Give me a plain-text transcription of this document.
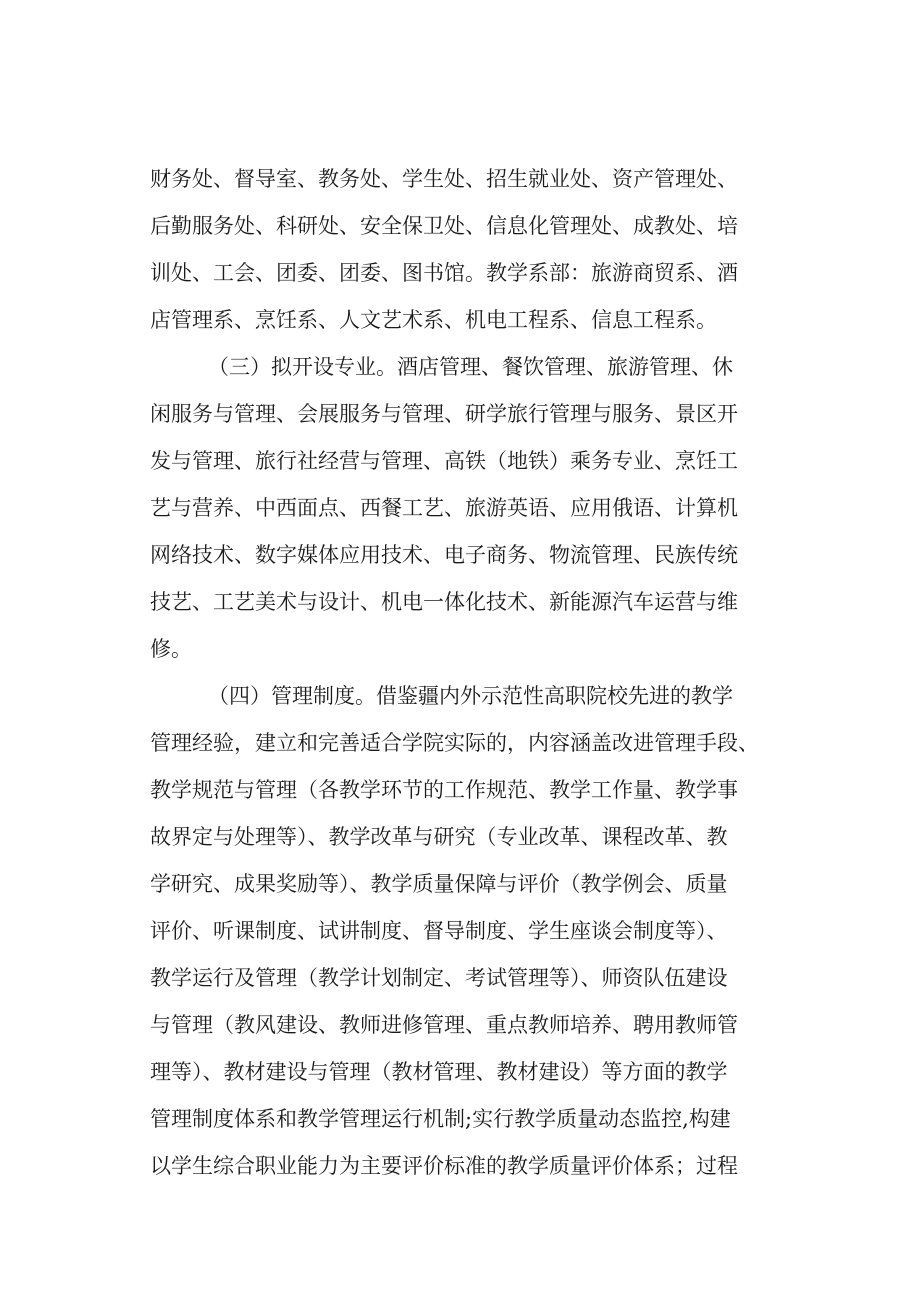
财务处、督导室、教务处、学生处、招生就业处、资产管理处、
后勤服务处、科研处、安全保卫处、信息化管理处、成教处、培
训处、工会、团委、团委、图书馆。教学系部：旅游商贸系、酒
店管理系、烹饪系、人文艺术系、机电工程系、信息工程系。
（三）拟开设专业。酒店管理、餐饮管理、旅游管理、休
闲服务与管理、会展服务与管理、研学旅行管理与服务、景区开
发与管理、旅行社经营与管理、高铁（地铁）乘务专业、烹饪工
艺与营养、中西面点、西餐工艺、旅游英语、应用俄语、计算机
网络技术、数字媒体应用技术、电子商务、物流管理、民族传统
技艺、工艺美术与设计、机电一体化技术、新能源汽车运营与维
修。
（四）管理制度。借鉴疆内外示范性高职院校先进的教学
管理经验，建立和完善适合学院实际的，内容涵盖改进管理手段、
教学规范与管理（各教学环节的工作规范、教学工作量、教学事
故界定与处理等）、教学改革与研究（专业改革、课程改革、教
学研究、成果奖励等）、教学质量保障与评价（教学例会、质量
评价、听课制度、试讲制度、督导制度、学生座谈会制度等）、
教学运行及管理（教学计划制定、考试管理等）、师资队伍建设
与管理（教风建设、教师进修管理、重点教师培养、聘用教师管
理等）、教材建设与管理（教材管理、教材建设）等方面的教学
管理制度体系和教学管理运行机制;实行教学质量动态监控,构建
以学生综合职业能力为主要评价标准的教学质量评价体系；过程
